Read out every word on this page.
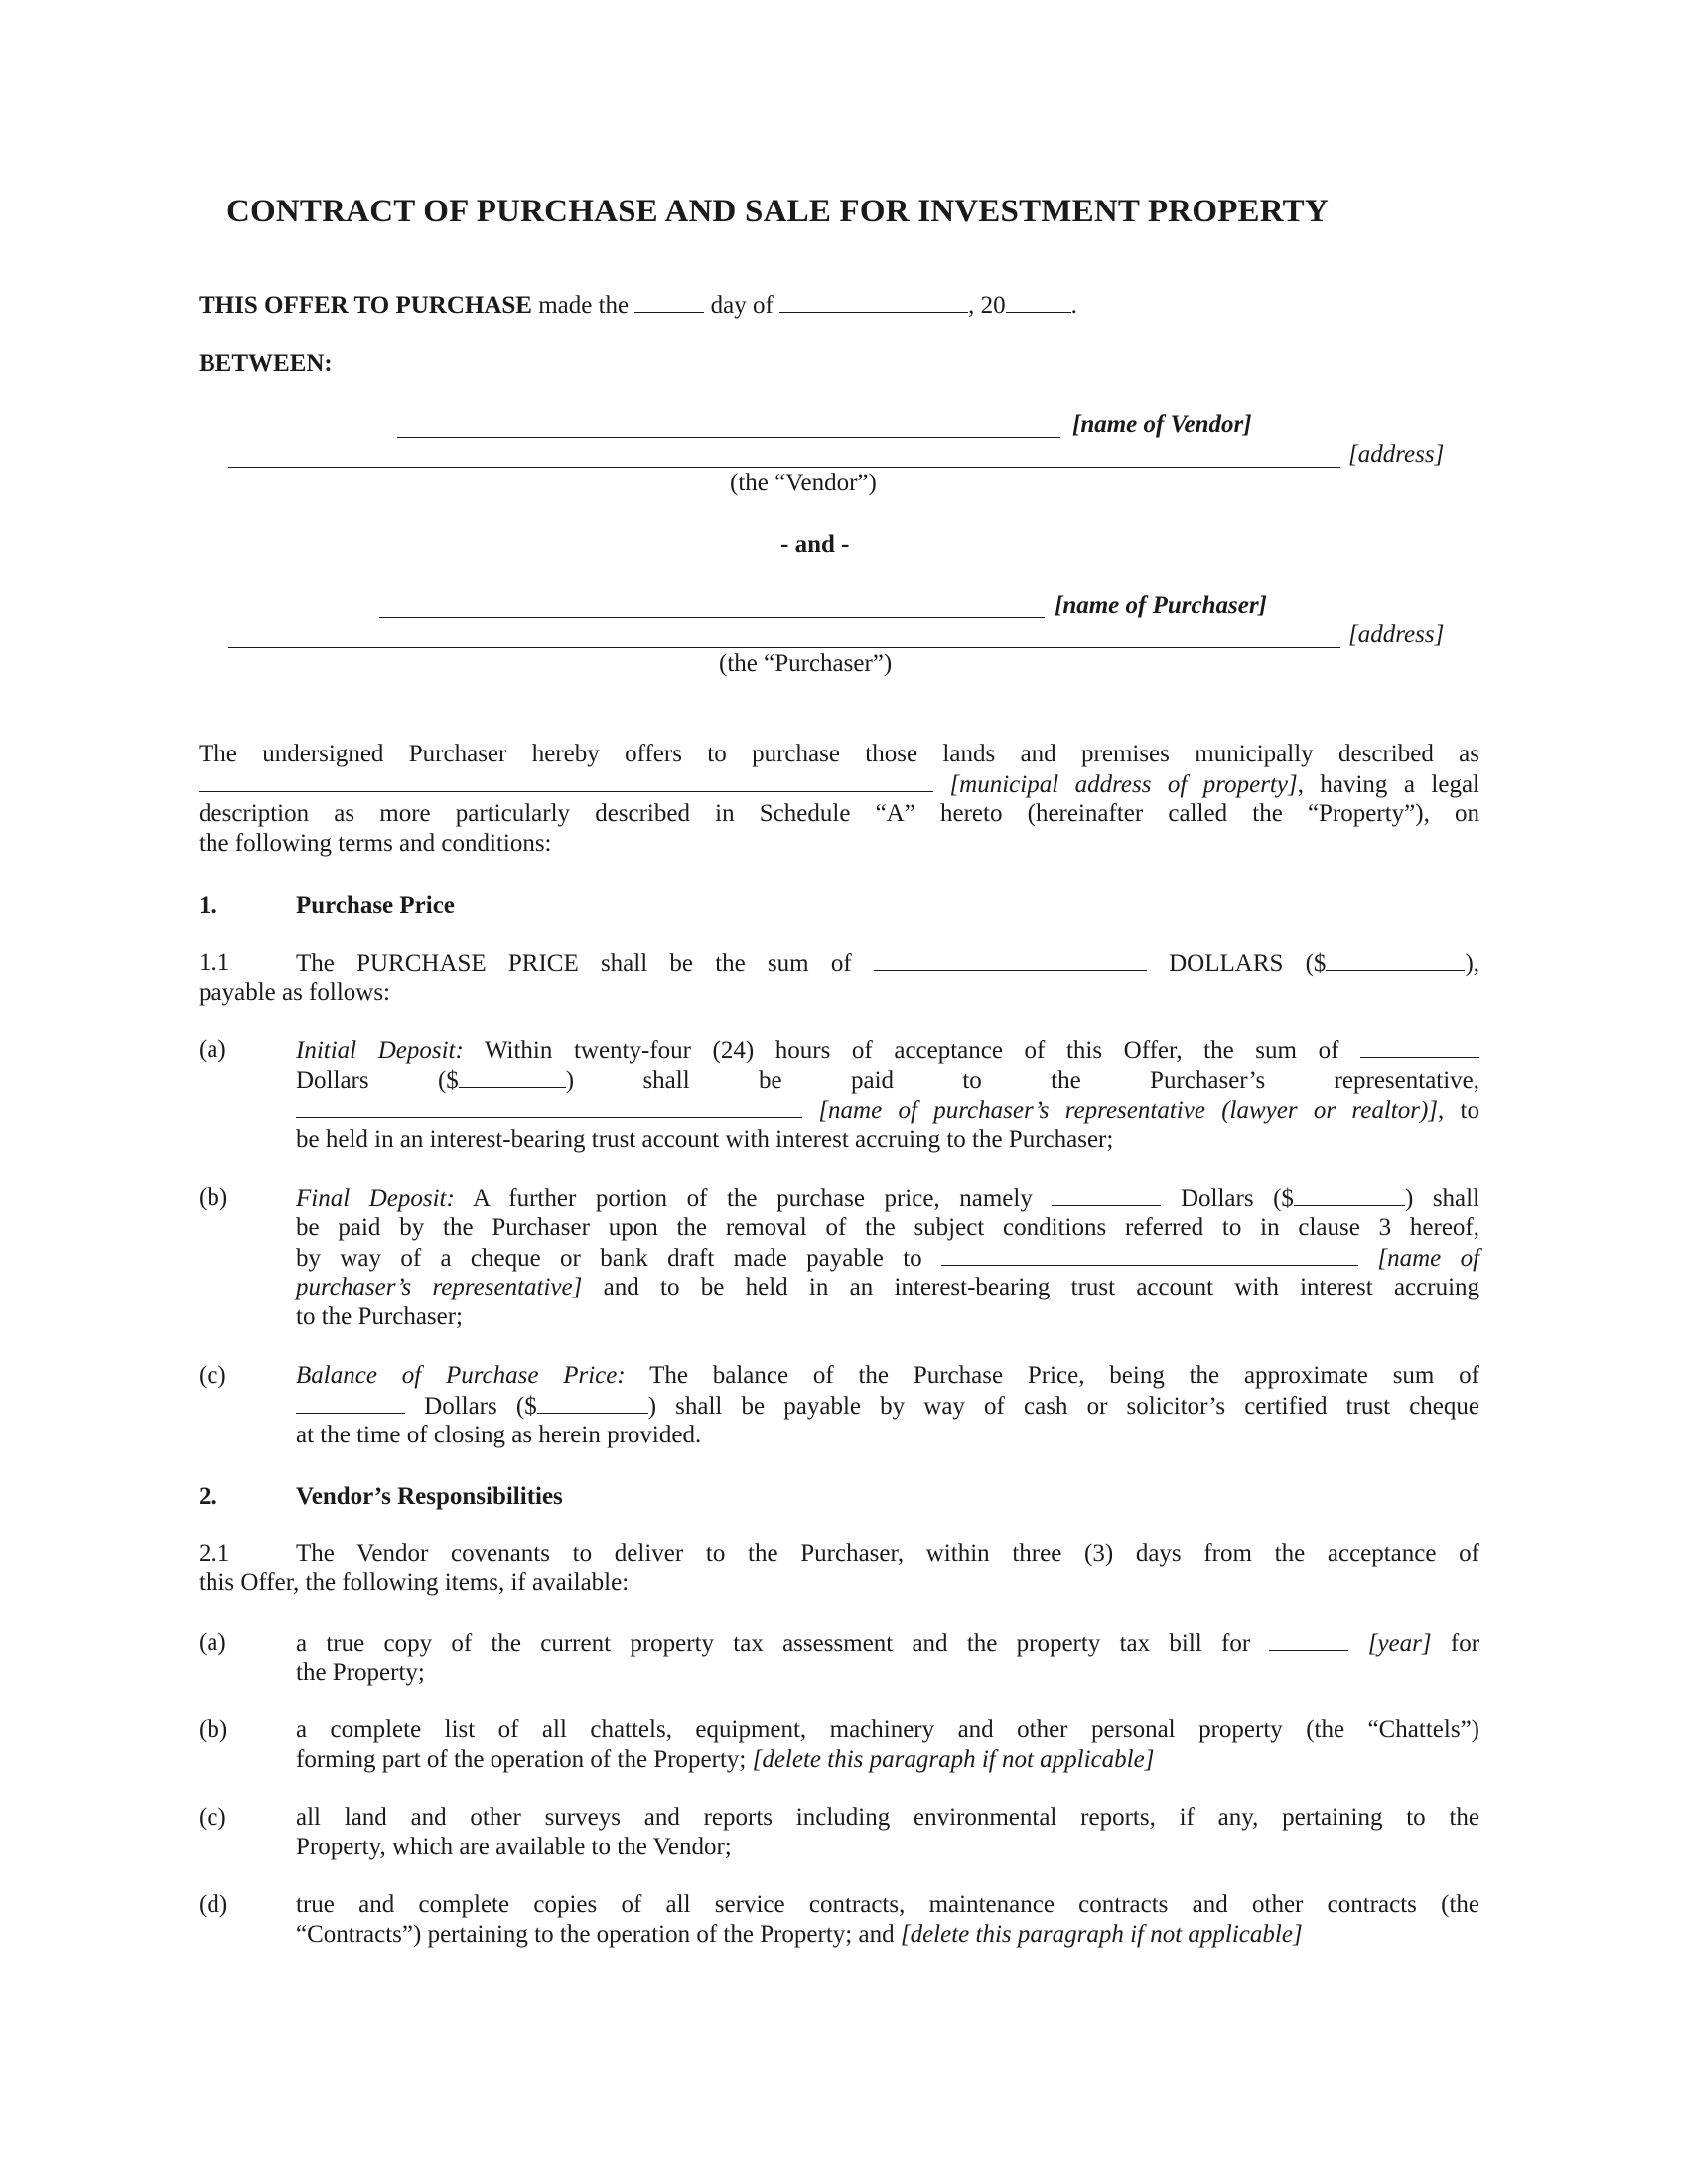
CONTRACT OF PURCHASE AND SALE FOR INVESTMENT PROPERTY
THIS OFFER TO PURCHASE made the	day of	, 20	.
BETWEEN:
[name of Vendor]
[address]
(the “Vendor”)
- and -
[name of Purchaser]
[address]
(the “Purchaser”)
The undersigned Purchaser hereby offers to purchase those lands and premises municipally described as
[municipal address of property], having a legal
description as more particularly described in Schedule “A” hereto (hereinafter called the “Property”), on
the following terms and conditions:
1.	Purchase Price
1.1	The PURCHASE PRICE shall be the sum of	DOLLARS ($	),
payable as follows:
(a)	Initial Deposit: Within twenty-four (24) hours of acceptance of this Offer, the sum of
Dollars	($	)	shall	be	paid	to	the	Purchaser’s	representative,
[name of purchaser’s representative (lawyer or realtor)], to
be held in an interest-bearing trust account with interest accruing to the Purchaser;
(b)	Final Deposit: A further portion of the purchase price, namely	Dollars ($	) shall
be paid by the Purchaser upon the removal of the subject conditions referred to in clause 3 hereof,
by way of a cheque or bank draft made payable to	[name of
purchaser’s representative] and to be held in an interest-bearing trust account with interest accruing
to the Purchaser;
(c)	Balance of Purchase Price: The balance of the Purchase Price, being the approximate sum of
Dollars ($	) shall be payable by way of cash or solicitor’s certified trust cheque
at the time of closing as herein provided.
2.	Vendor’s Responsibilities
2.1	The Vendor covenants to deliver to the Purchaser, within three (3) days from the acceptance of
this Offer, the following items, if available:
(a)	a true copy of the current property tax assessment and the property tax bill for	[year] for
the Property;
(b)	a complete list of all chattels, equipment, machinery and other personal property (the “Chattels”)
forming part of the operation of the Property; [delete this paragraph if not applicable]
(c)	all land and other surveys and reports including environmental reports, if any, pertaining to the
Property, which are available to the Vendor;
(d)	true and complete copies of all service contracts, maintenance contracts and other contracts (the
“Contracts”) pertaining to the operation of the Property; and [delete this paragraph if not applicable]
